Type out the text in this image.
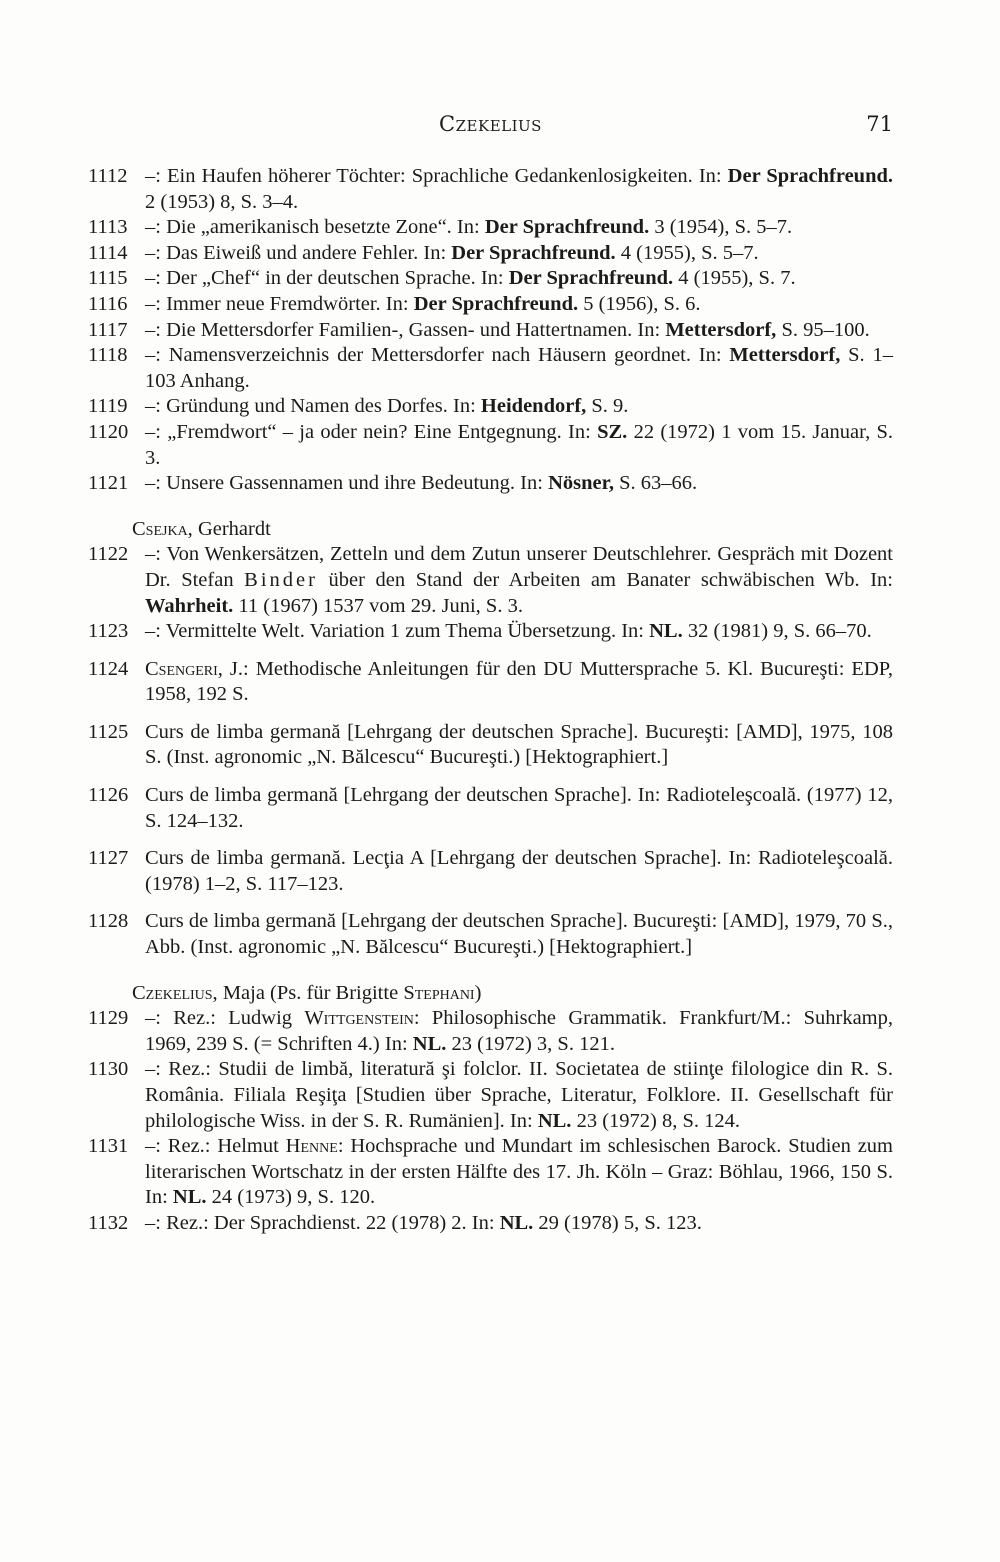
Czekelius	71
1112 –: Ein Haufen höherer Töchter: Sprachliche Gedankenlosigkeiten. In: Der Sprachfreund. 2 (1953) 8, S. 3–4.
1113 –: Die „amerikanisch besetzte Zone“. In: Der Sprachfreund. 3 (1954), S. 5–7.
1114 –: Das Eiweiß und andere Fehler. In: Der Sprachfreund. 4 (1955), S. 5–7.
1115 –: Der „Chef“ in der deutschen Sprache. In: Der Sprachfreund. 4 (1955), S. 7.
1116 –: Immer neue Fremdwörter. In: Der Sprachfreund. 5 (1956), S. 6.
1117 –: Die Mettersdorfer Familien-, Gassen- und Hattertnamen. In: Mettersdorf, S. 95–100.
1118 –: Namensverzeichnis der Mettersdorfer nach Häusern geordnet. In: Mettersdorf, S. 1–103 Anhang.
1119 –: Gründung und Namen des Dorfes. In: Heidendorf, S. 9.
1120 –: „Fremdwort“ – ja oder nein? Eine Entgegnung. In: SZ. 22 (1972) 1 vom 15. Januar, S. 3.
1121 –: Unsere Gassennamen und ihre Bedeutung. In: Nösner, S. 63–66.
Csejka, Gerhardt
1122 –: Von Wenkersätzen, Zetteln und dem Zutun unserer Deutschlehrer. Gespräch mit Dozent Dr. Stefan Binder über den Stand der Arbeiten am Banater schwäbischen Wb. In: Wahrheit. 11 (1967) 1537 vom 29. Juni, S. 3.
1123 –: Vermittelte Welt. Variation 1 zum Thema Übersetzung. In: NL. 32 (1981) 9, S. 66–70.
1124 Csengeri, J.: Methodische Anleitungen für den DU Muttersprache 5. Kl. Bucureşti: EDP, 1958, 192 S.
1125 Curs de limba germană [Lehrgang der deutschen Sprache]. Bucureşti: [AMD], 1975, 108 S. (Inst. agronomic „N. Bălcescu“ Bucureşti.) [Hektographiert.]
1126 Curs de limba germană [Lehrgang der deutschen Sprache]. In: Radioteleşcoală. (1977) 12, S. 124–132.
1127 Curs de limba germană. Lecţia A [Lehrgang der deutschen Sprache]. In: Radioteleşcoală. (1978) 1–2, S. 117–123.
1128 Curs de limba germană [Lehrgang der deutschen Sprache]. Bucureşti: [AMD], 1979, 70 S., Abb. (Inst. agronomic „N. Bălcescu“ Bucureşti.) [Hektographiert.]
Czekelius, Maja (Ps. für Brigitte Stephani)
1129 –: Rez.: Ludwig Wittgenstein: Philosophische Grammatik. Frankfurt/M.: Suhrkamp, 1969, 239 S. (= Schriften 4.) In: NL. 23 (1972) 3, S. 121.
1130 –: Rez.: Studii de limbă, literatură şi folclor. II. Societatea de stiinţe filologice din R. S. România. Filiala Reşiţa [Studien über Sprache, Literatur, Folklore. II. Gesellschaft für philologische Wiss. in der S. R. Rumänien]. In: NL. 23 (1972) 8, S. 124.
1131 –: Rez.: Helmut Henne: Hochsprache und Mundart im schlesischen Barock. Studien zum literarischen Wortschatz in der ersten Hälfte des 17. Jh. Köln – Graz: Böhlau, 1966, 150 S. In: NL. 24 (1973) 9, S. 120.
1132 –: Rez.: Der Sprachdienst. 22 (1978) 2. In: NL. 29 (1978) 5, S. 123.
